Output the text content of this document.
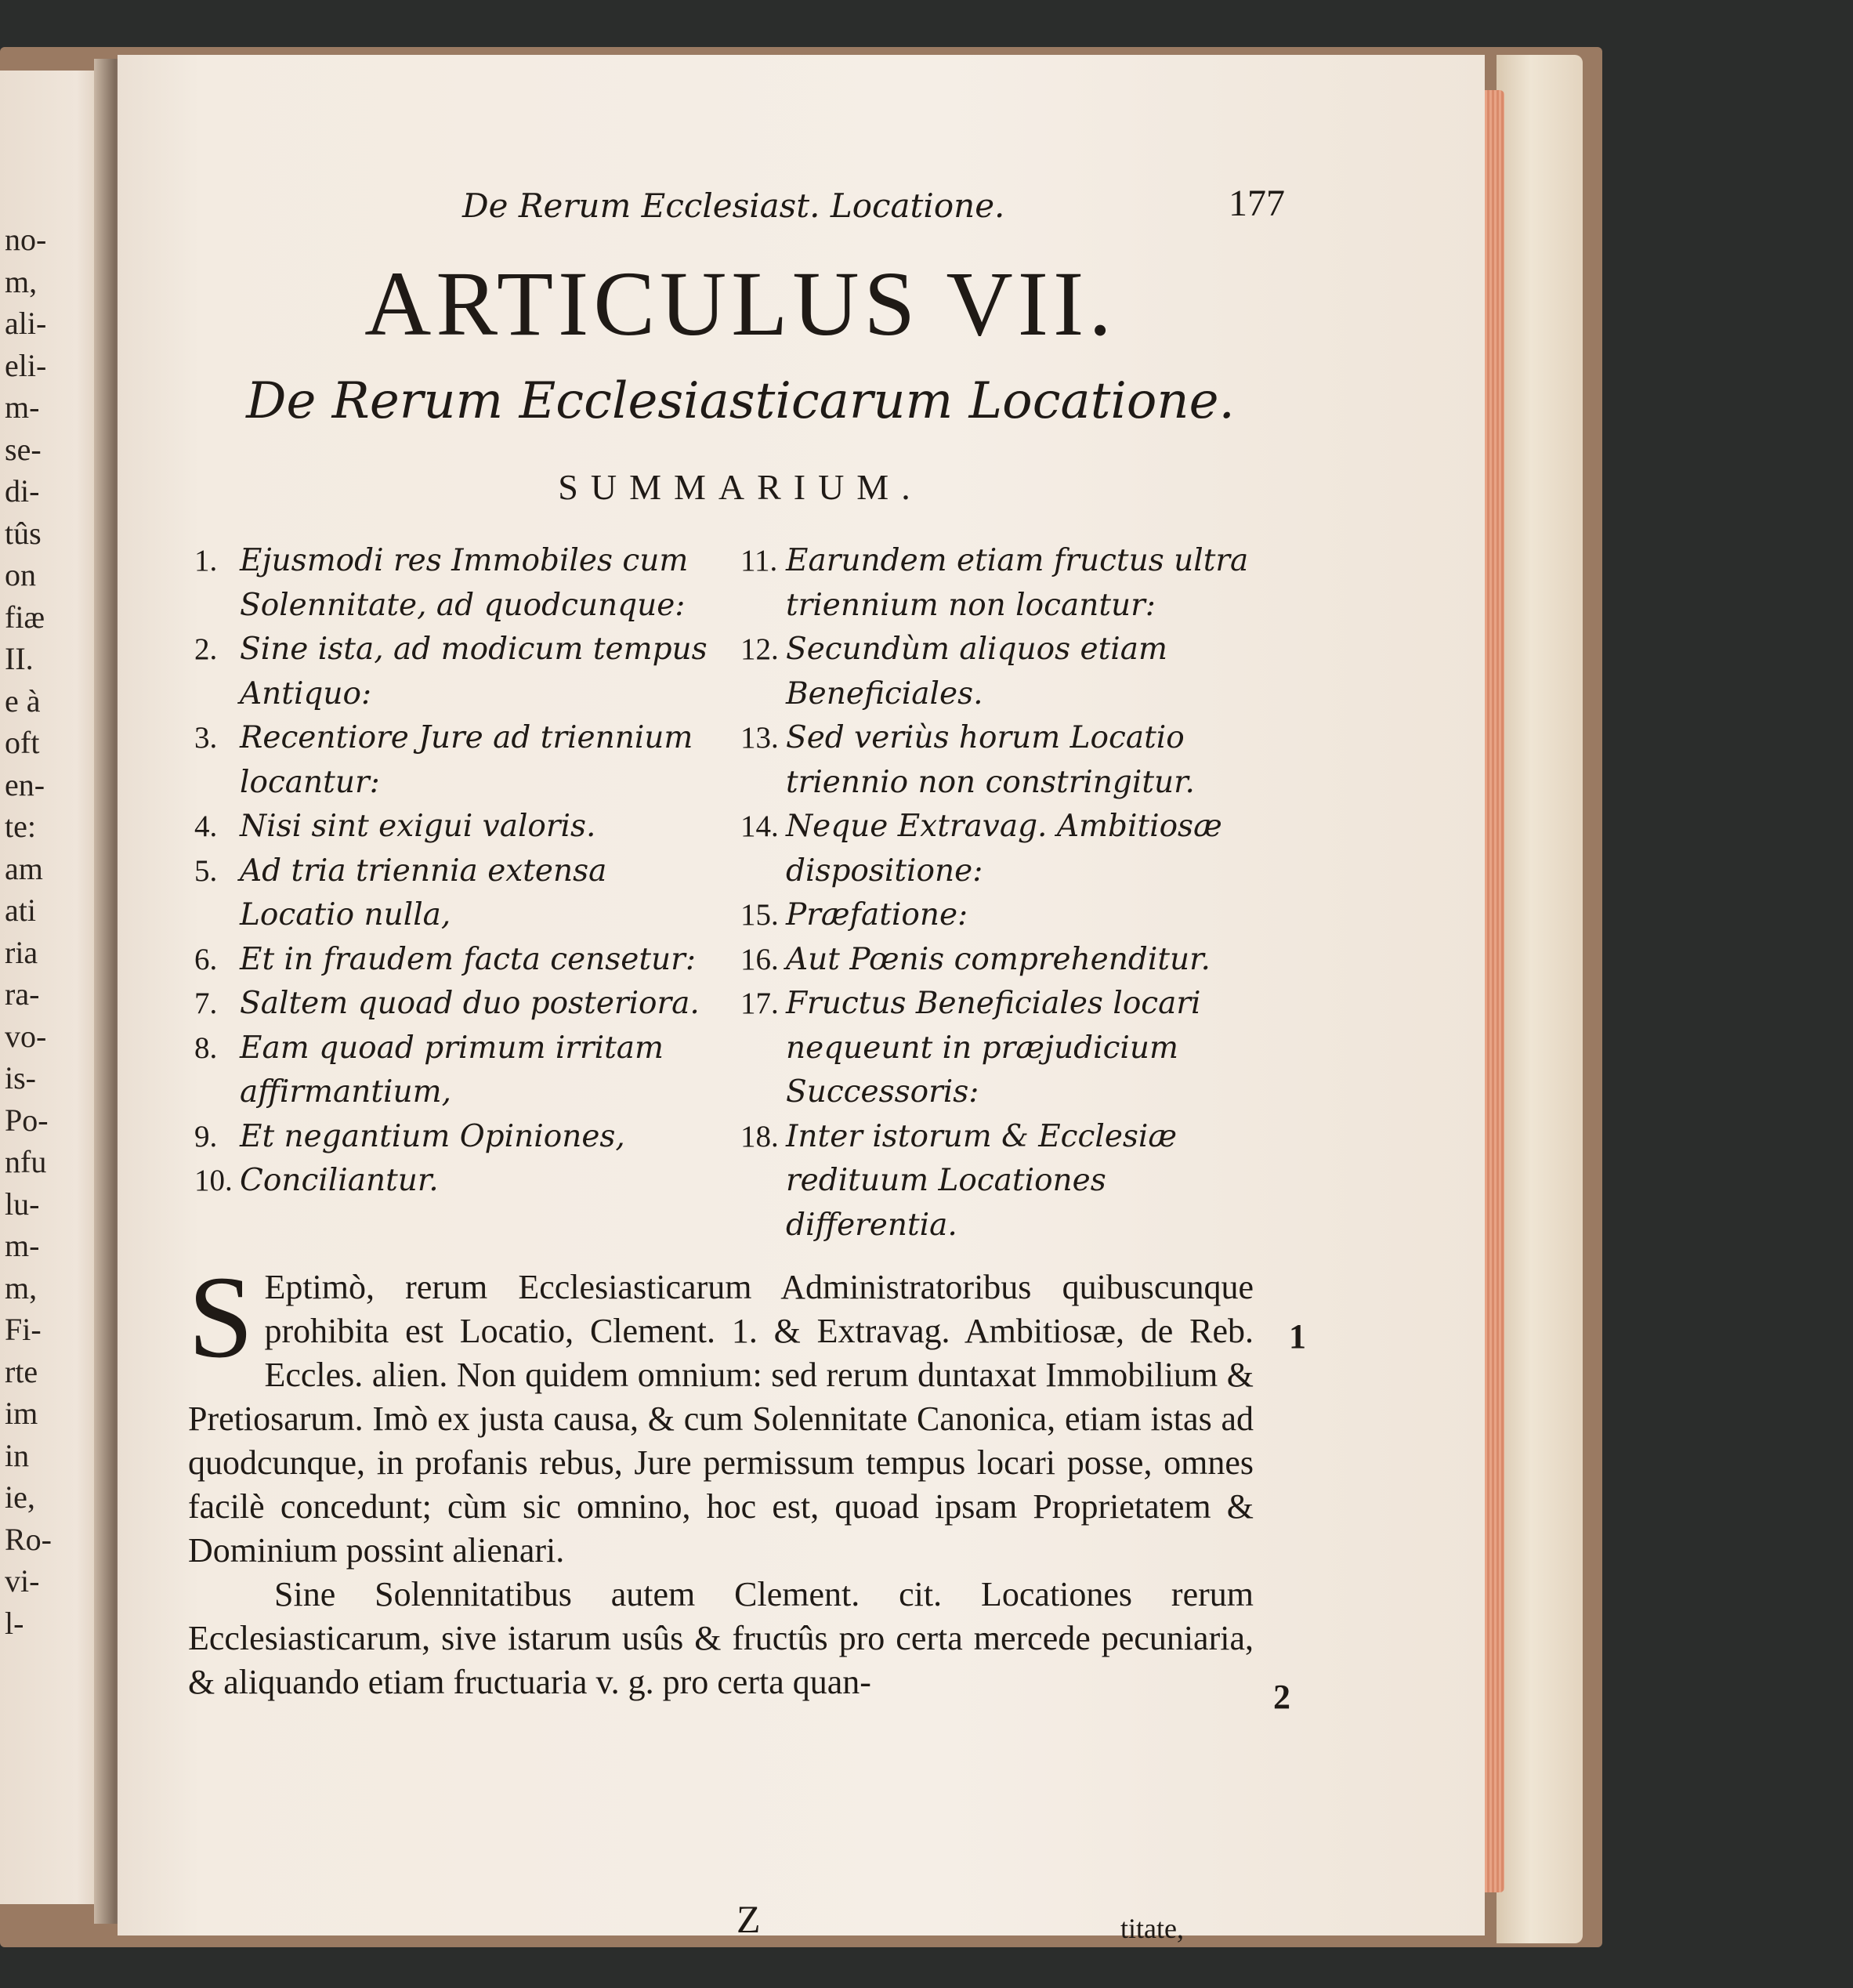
no-
m,
ali-
eli-
m-
se-
di-
tûs
on
fiæ
II.
e à
oft
en-
te:
am
ati
ria
ra-
vo-
is-
Po-
nfu
lu-
m-
m,
Fi-
rte
im
in
ie,
Ro-
vi-
l-
De Rerum Ecclesiast. Locatione.	177
ARTICULUS VII.
De Rerum Ecclesiasticarum Locatione.
SUMMARIUM.
1. Ejusmodi res Immobiles cum Solennitate, ad quodcunque:
2. Sine ista, ad modicum tempus Antiquo:
3. Recentiore Jure ad triennium locantur:
4. Nisi sint exigui valoris.
5. Ad tria triennia extensa Locatio nulla,
6. Et in fraudem facta censetur:
7. Saltem quoad duo posteriora.
8. Eam quoad primum irritam affirmantium,
9. Et negantium Opiniones,
10. Conciliantur.
11. Earundem etiam fructus ultra triennium non locantur:
12. Secundùm aliquos etiam Beneficiales.
13. Sed veriùs horum Locatio triennio non constringitur.
14. Neque Extravag. Ambitiosæ dispositione:
15. Præfatione:
16. Aut Pœnis comprehenditur.
17. Fructus Beneficiales locari nequeunt in præjudicium Successoris:
18. Inter istorum & Ecclesiæ redituum Locationes differentia.

S Eptimò, rerum Ecclesiasticarum Administratoribus quibuscunque prohibita est Locatio, Clement. 1. & Extravag. Ambitiosæ, de Reb. Eccles. alien. Non quidem omnium: sed rerum duntaxat Immobilium & Pretiosarum. Imò ex justa causa, & cum Solennitate Canonica, etiam istas ad quodcunque, in profanis rebus, Jure permissum tempus locari posse, omnes facilè concedunt; cùm sic omnino, hoc est, quoad ipsam Proprietatem & Dominium possint alienari.

Sine Solennitatibus autem Clement. cit. Locationes rerum Ecclesiasticarum, sive istarum usûs & fructûs pro certa mercede pecuniaria, & aliquando etiam fructuaria v. g. pro certa quan-

1
2
Z	titate,
